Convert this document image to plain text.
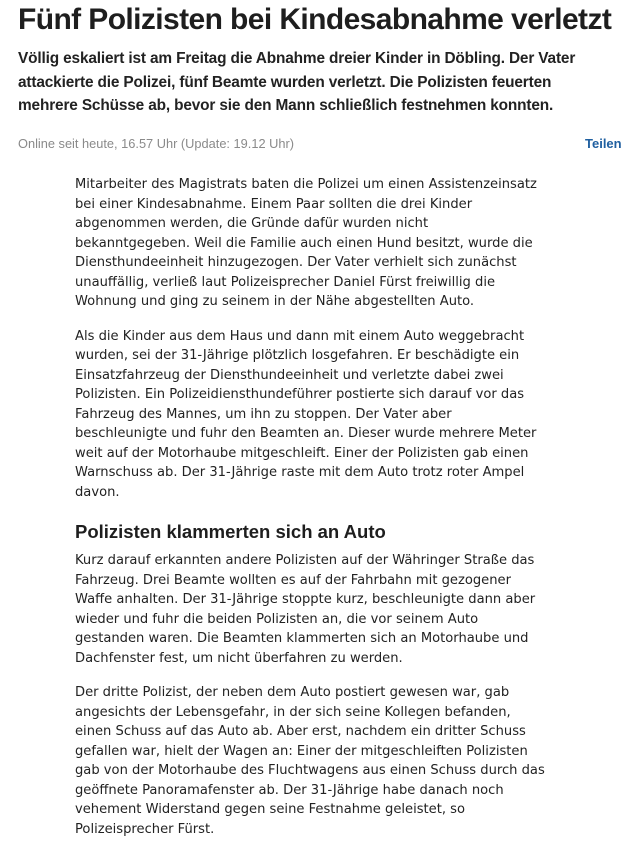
Fünf Polizisten bei Kindesabnahme verletzt

Völlig eskaliert ist am Freitag die Abnahme dreier Kinder in Döbling. Der Vater attackierte die Polizei, fünf Beamte wurden verletzt. Die Polizisten feuerten mehrere Schüsse ab, bevor sie den Mann schließlich festnehmen konnten.

Online seit heute, 16.57 Uhr (Update: 19.12 Uhr)	Teilen

Mitarbeiter des Magistrats baten die Polizei um einen Assistenzeinsatz bei einer Kindesabnahme. Einem Paar sollten die drei Kinder abgenommen werden, die Gründe dafür wurden nicht bekanntgegeben. Weil die Familie auch einen Hund besitzt, wurde die Diensthundeeinheit hinzugezogen. Der Vater verhielt sich zunächst unauffällig, verließ laut Polizeisprecher Daniel Fürst freiwillig die Wohnung und ging zu seinem in der Nähe abgestellten Auto.

Als die Kinder aus dem Haus und dann mit einem Auto weggebracht wurden, sei der 31-Jährige plötzlich losgefahren. Er beschädigte ein Einsatzfahrzeug der Diensthundeeinheit und verletzte dabei zwei Polizisten. Ein Polizeidiensthundeführer postierte sich darauf vor das Fahrzeug des Mannes, um ihn zu stoppen. Der Vater aber beschleunigte und fuhr den Beamten an. Dieser wurde mehrere Meter weit auf der Motorhaube mitgeschleift. Einer der Polizisten gab einen Warnschuss ab. Der 31-Jährige raste mit dem Auto trotz roter Ampel davon.

Polizisten klammerten sich an Auto

Kurz darauf erkannten andere Polizisten auf der Währinger Straße das Fahrzeug. Drei Beamte wollten es auf der Fahrbahn mit gezogener Waffe anhalten. Der 31-Jährige stoppte kurz, beschleunigte dann aber wieder und fuhr die beiden Polizisten an, die vor seinem Auto gestanden waren. Die Beamten klammerten sich an Motorhaube und Dachfenster fest, um nicht überfahren zu werden.

Der dritte Polizist, der neben dem Auto postiert gewesen war, gab angesichts der Lebensgefahr, in der sich seine Kollegen befanden, einen Schuss auf das Auto ab. Aber erst, nachdem ein dritter Schuss gefallen war, hielt der Wagen an: Einer der mitgeschleiften Polizisten gab von der Motorhaube des Fluchtwagens aus einen Schuss durch das geöffnete Panoramafenster ab. Der 31-Jährige habe danach noch vehement Widerstand gegen seine Festnahme geleistet, so Polizeisprecher Fürst.
